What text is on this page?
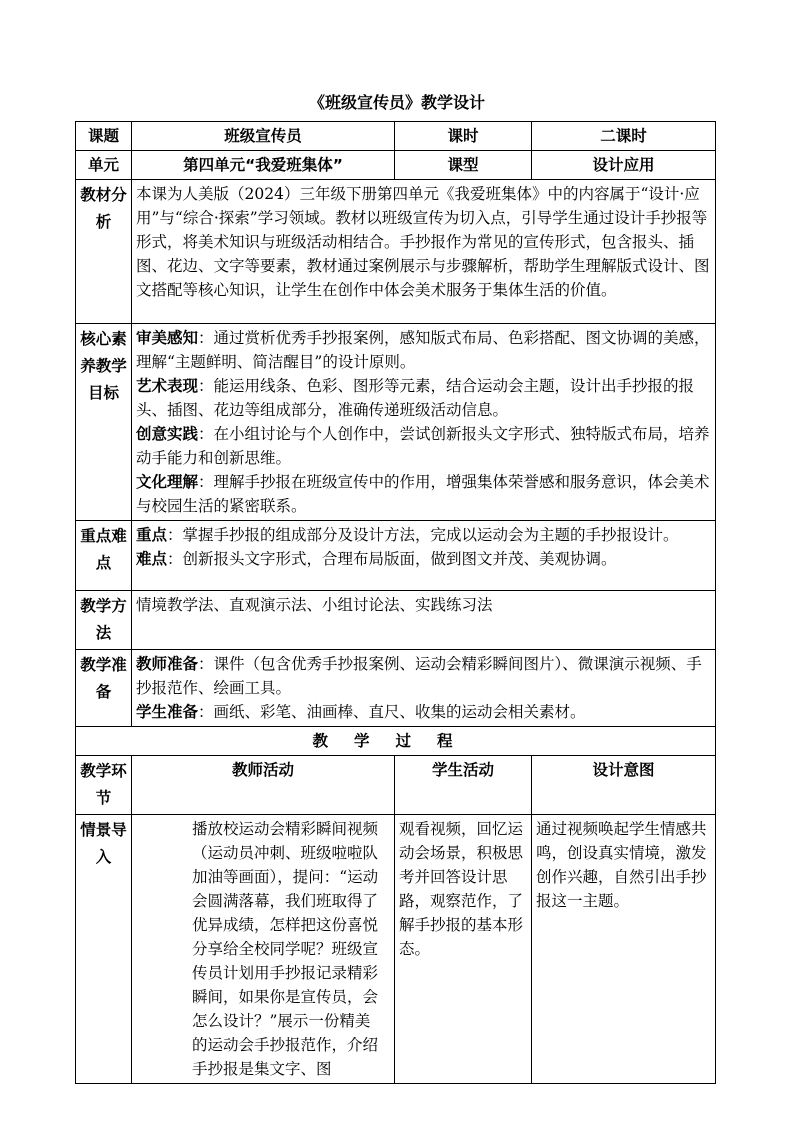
《班级宣传员》教学设计
课题	班级宣传员	课时	二课时
单元	第四单元“我爱班集体”	课型	设计应用
教材分析	本课为人美版（2024）三年级下册第四单元《我爱班集体》中的内容属于“设计·应用”与“综合·探索”学习领域。教材以班级宣传为切入点，引导学生通过设计手抄报等形式，将美术知识与班级活动相结合。手抄报作为常见的宣传形式，包含报头、插图、花边、文字等要素，教材通过案例展示与步骤解析，帮助学生理解版式设计、图文搭配等核心知识，让学生在创作中体会美术服务于集体生活的价值。		
核心素养教学目标	审美感知：通过赏析优秀手抄报案例，感知版式布局、色彩搭配、图文协调的美感，理解“主题鲜明、简洁醒目”的设计原则。
艺术表现：能运用线条、色彩、图形等元素，结合运动会主题，设计出手抄报的报头、插图、花边等组成部分，准确传递班级活动信息。
创意实践：在小组讨论与个人创作中，尝试创新报头文字形式、独特版式布局，培养动手能力和创新思维。
文化理解：理解手抄报在班级宣传中的作用，增强集体荣誉感和服务意识，体会美术与校园生活的紧密联系。		

重点难点	重点：掌握手抄报的组成部分及设计方法，完成以运动会为主题的手抄报设计。
难点：创新报头文字形式，合理布局版面，做到图文并茂、美观协调。		

教学方法	情境教学法、直观演示法、小组讨论法、实践练习法		
教学准备	教师准备：课件（包含优秀手抄报案例、运动会精彩瞬间图片）、微课演示视频、手抄报范作、绘画工具。
学生准备：画纸、彩笔、油画棒、直尺、收集的运动会相关素材。		

教学过程			
教学环节	教师活动	学生活动	设计意图
情景导入	播放校运动会精彩瞬间视频（运动员冲刺、班级啦啦队加油等画面），提问：“运动会圆满落幕，我们班取得了优异成绩，怎样把这份喜悦分享给全校同学呢？班级宣传员计划用手抄报记录精彩瞬间，如果你是宣传员，会怎么设计？”展示一份精美的运动会手抄报范作，介绍手抄报是集文字、图	观看视频，回忆运动会场景，积极思考并回答设计思路，观察范作，了解手抄报的基本形态。	通过视频唤起学生情感共鸣，创设真实情境，激发创作兴趣，自然引出手抄报这一主题。
